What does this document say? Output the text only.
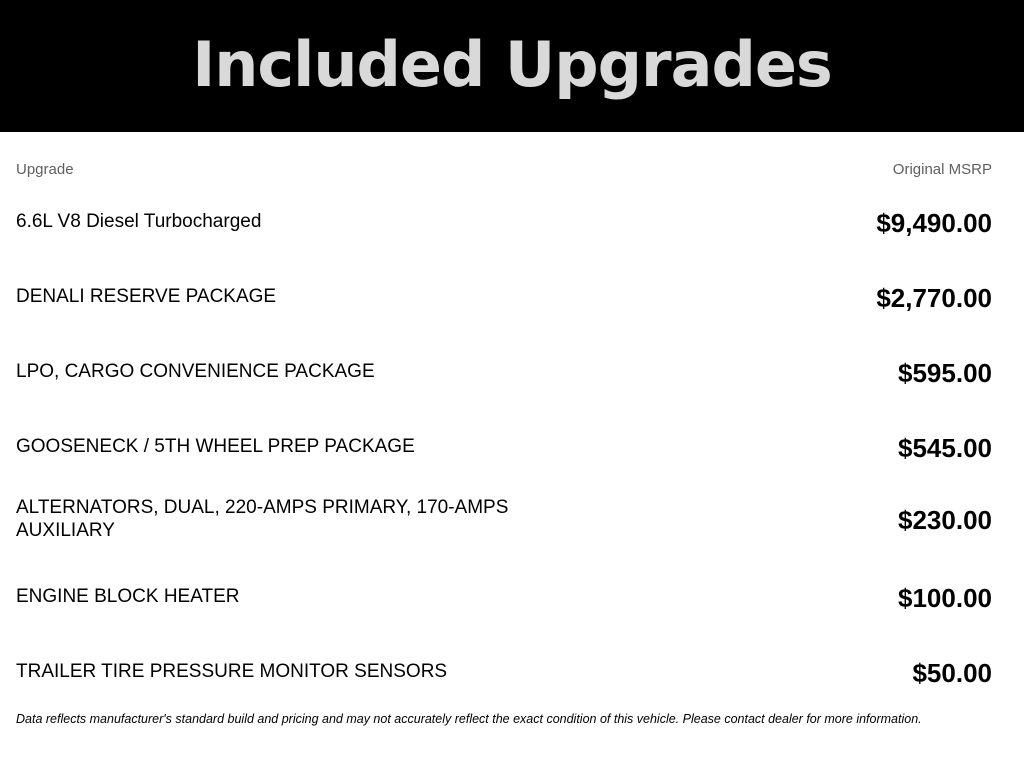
Included Upgrades
Upgrade	Original MSRP
6.6L V8 Diesel Turbocharged	$9,490.00
DENALI RESERVE PACKAGE	$2,770.00
LPO, CARGO CONVENIENCE PACKAGE	$595.00
GOOSENECK / 5TH WHEEL PREP PACKAGE	$545.00
ALTERNATORS, DUAL, 220-AMPS PRIMARY, 170-AMPS AUXILIARY	$230.00
ENGINE BLOCK HEATER	$100.00
TRAILER TIRE PRESSURE MONITOR SENSORS	$50.00
Data reflects manufacturer's standard build and pricing and may not accurately reflect the exact condition of this vehicle. Please contact dealer for more information.
